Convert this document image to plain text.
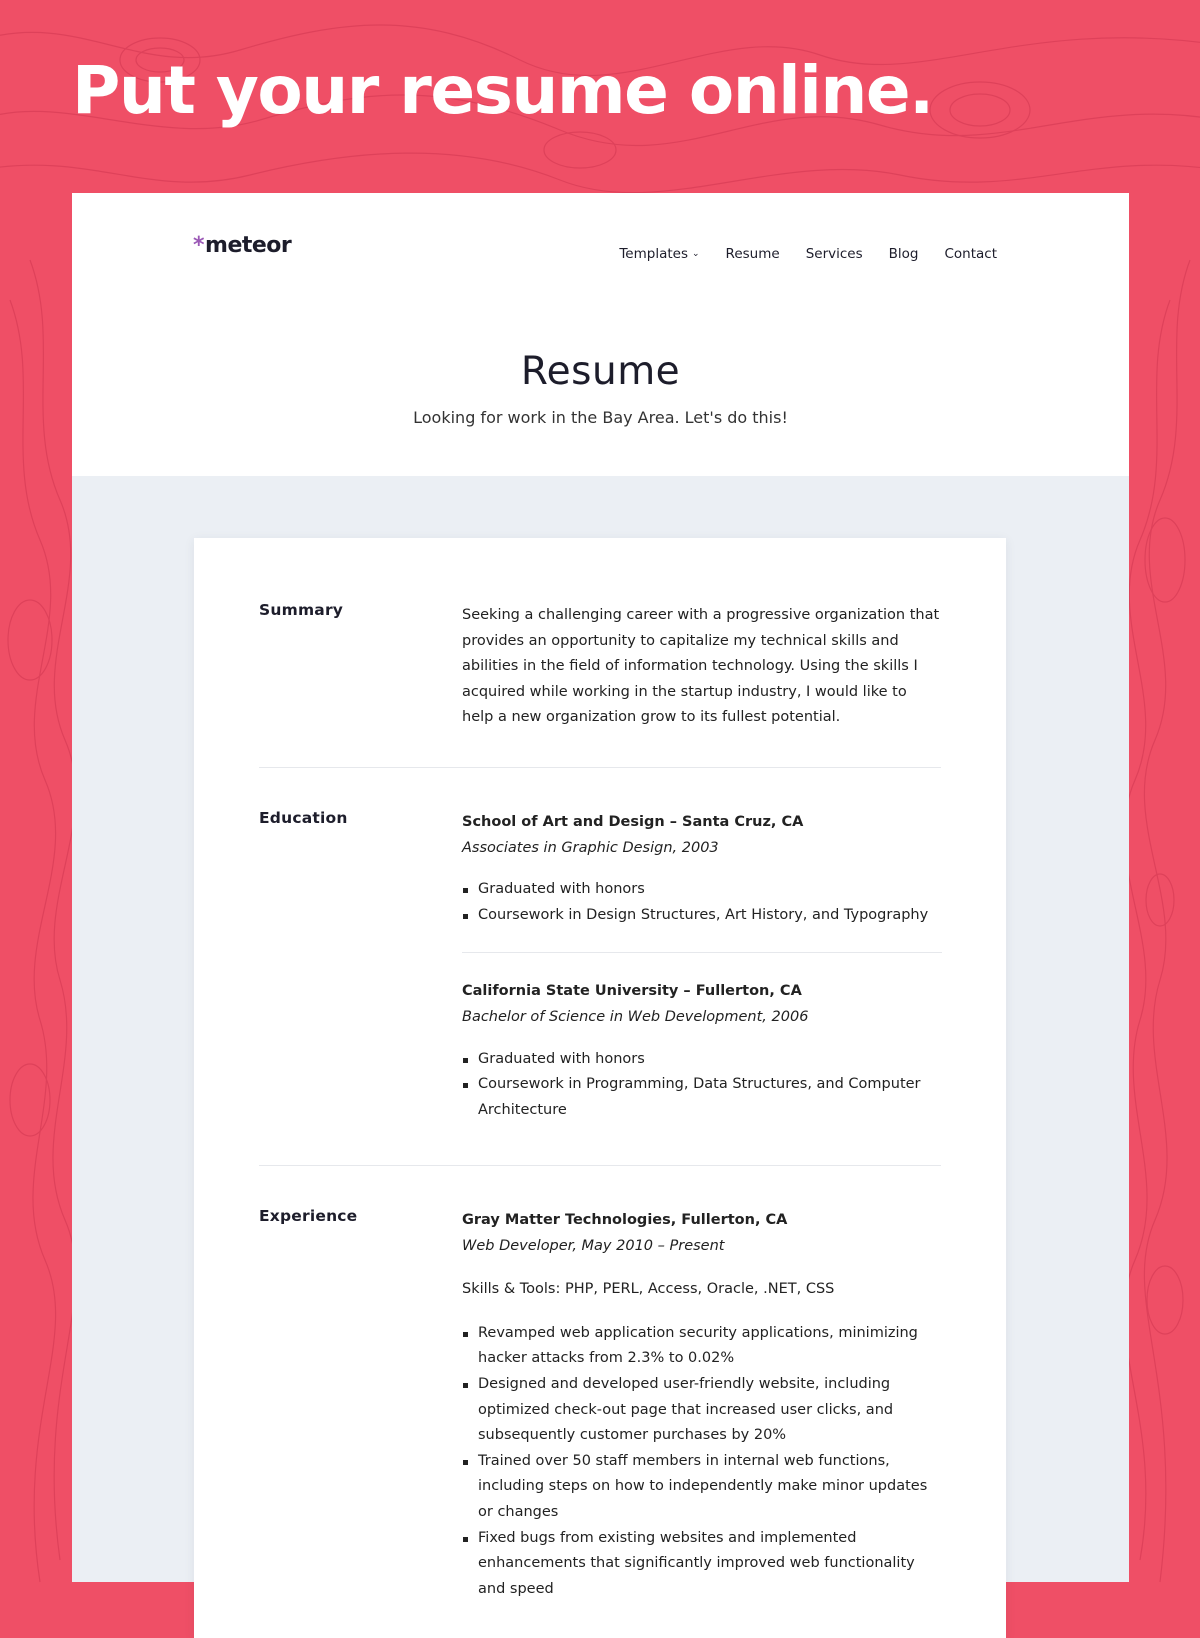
Put your resume online.
* meteor	Templates ⌄ Resume Services Blog Contact
Resume
Looking for work in the Bay Area. Let's do this!
Summary	Seeking a challenging career with a progressive organization that provides an opportunity to capitalize my technical skills and abilities in the field of information technology. Using the skills I acquired while working in the startup industry, I would like to help a new organization grow to its fullest potential.
Education	School of Art and Design – Santa Cruz, CA
Associates in Graphic Design, 2003
Graduated with honors
Coursework in Design Structures, Art History, and Typography
California State University – Fullerton, CA
Bachelor of Science in Web Development, 2006
Graduated with honors
Coursework in Programming, Data Structures, and Computer Architecture
Experience	Gray Matter Technologies, Fullerton, CA
Web Developer, May 2010 – Present
Skills & Tools: PHP, PERL, Access, Oracle, .NET, CSS
Revamped web application security applications, minimizing hacker attacks from 2.3% to 0.02%
Designed and developed user-friendly website, including optimized check-out page that increased user clicks, and subsequently customer purchases by 20%
Trained over 50 staff members in internal web functions, including steps on how to independently make minor updates or changes
Fixed bugs from existing websites and implemented enhancements that significantly improved web functionality and speed
